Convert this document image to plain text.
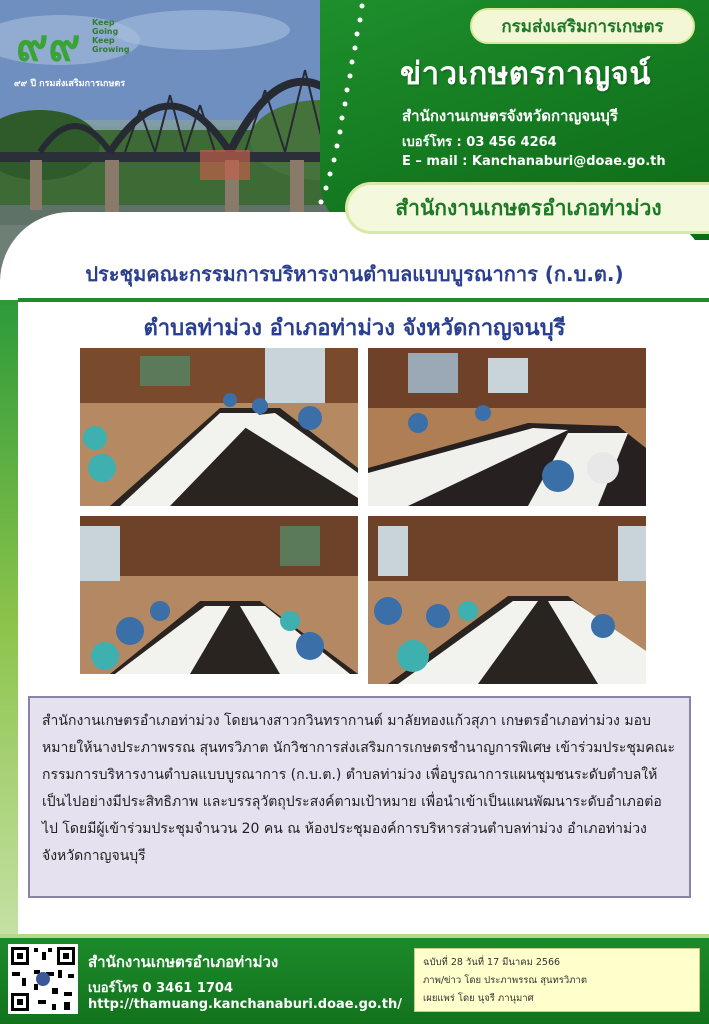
๙๙ Keep
Going
Keep
Growing
๙๙ ปี กรมส่งเสริมการเกษตร
กรมส่งเสริมการเกษตร
ข่าวเกษตรกาญจน์
สำนักงานเกษตรจังหวัดกาญจนบุรี
เบอร์โทร : 03 456 4264
E – mail : Kanchanaburi@doae.go.th
สำนักงานเกษตรอำเภอท่าม่วง
ประชุมคณะกรรมการบริหารงานตำบลแบบบูรณาการ (ก.บ.ต.)
ตำบลท่าม่วง อำเภอท่าม่วง จังหวัดกาญจนบุรี

สำนักงานเกษตรอำเภอท่าม่วง โดยนางสาวกวินทรากานต์ มาลัยทองแก้วสุภา เกษตรอำเภอท่าม่วง มอบหมายให้นางประภาพรรณ สุนทรวิภาต นักวิชาการส่งเสริมการเกษตรชำนาญการพิเศษ เข้าร่วมประชุมคณะกรรมการบริหารงานตำบลแบบบูรณาการ (ก.บ.ต.) ตำบลท่าม่วง เพื่อบูรณาการแผนชุมชนระดับตำบลให้เป็นไปอย่างมีประสิทธิภาพ และบรรลุวัตถุประสงค์ตามเป้าหมาย เพื่อนำเข้าเป็นแผนพัฒนาระดับอำเภอต่อไป โดยมีผู้เข้าร่วมประชุมจำนวน 20 คน ณ ห้องประชุมองค์การบริหารส่วนตำบลท่าม่วง อำเภอท่าม่วง จังหวัดกาญจนบุรี

สำนักงานเกษตรอำเภอท่าม่วง
เบอร์โทร 0 3461 1704
http://thamuang.kanchanaburi.doae.go.th/
ฉบับที่ 28 วันที่ 17 มีนาคม 2566
ภาพ/ข่าว โดย ประภาพรรณ สุนทรวิภาต
เผยแพร่ โดย นุจรี ภานุมาศ
